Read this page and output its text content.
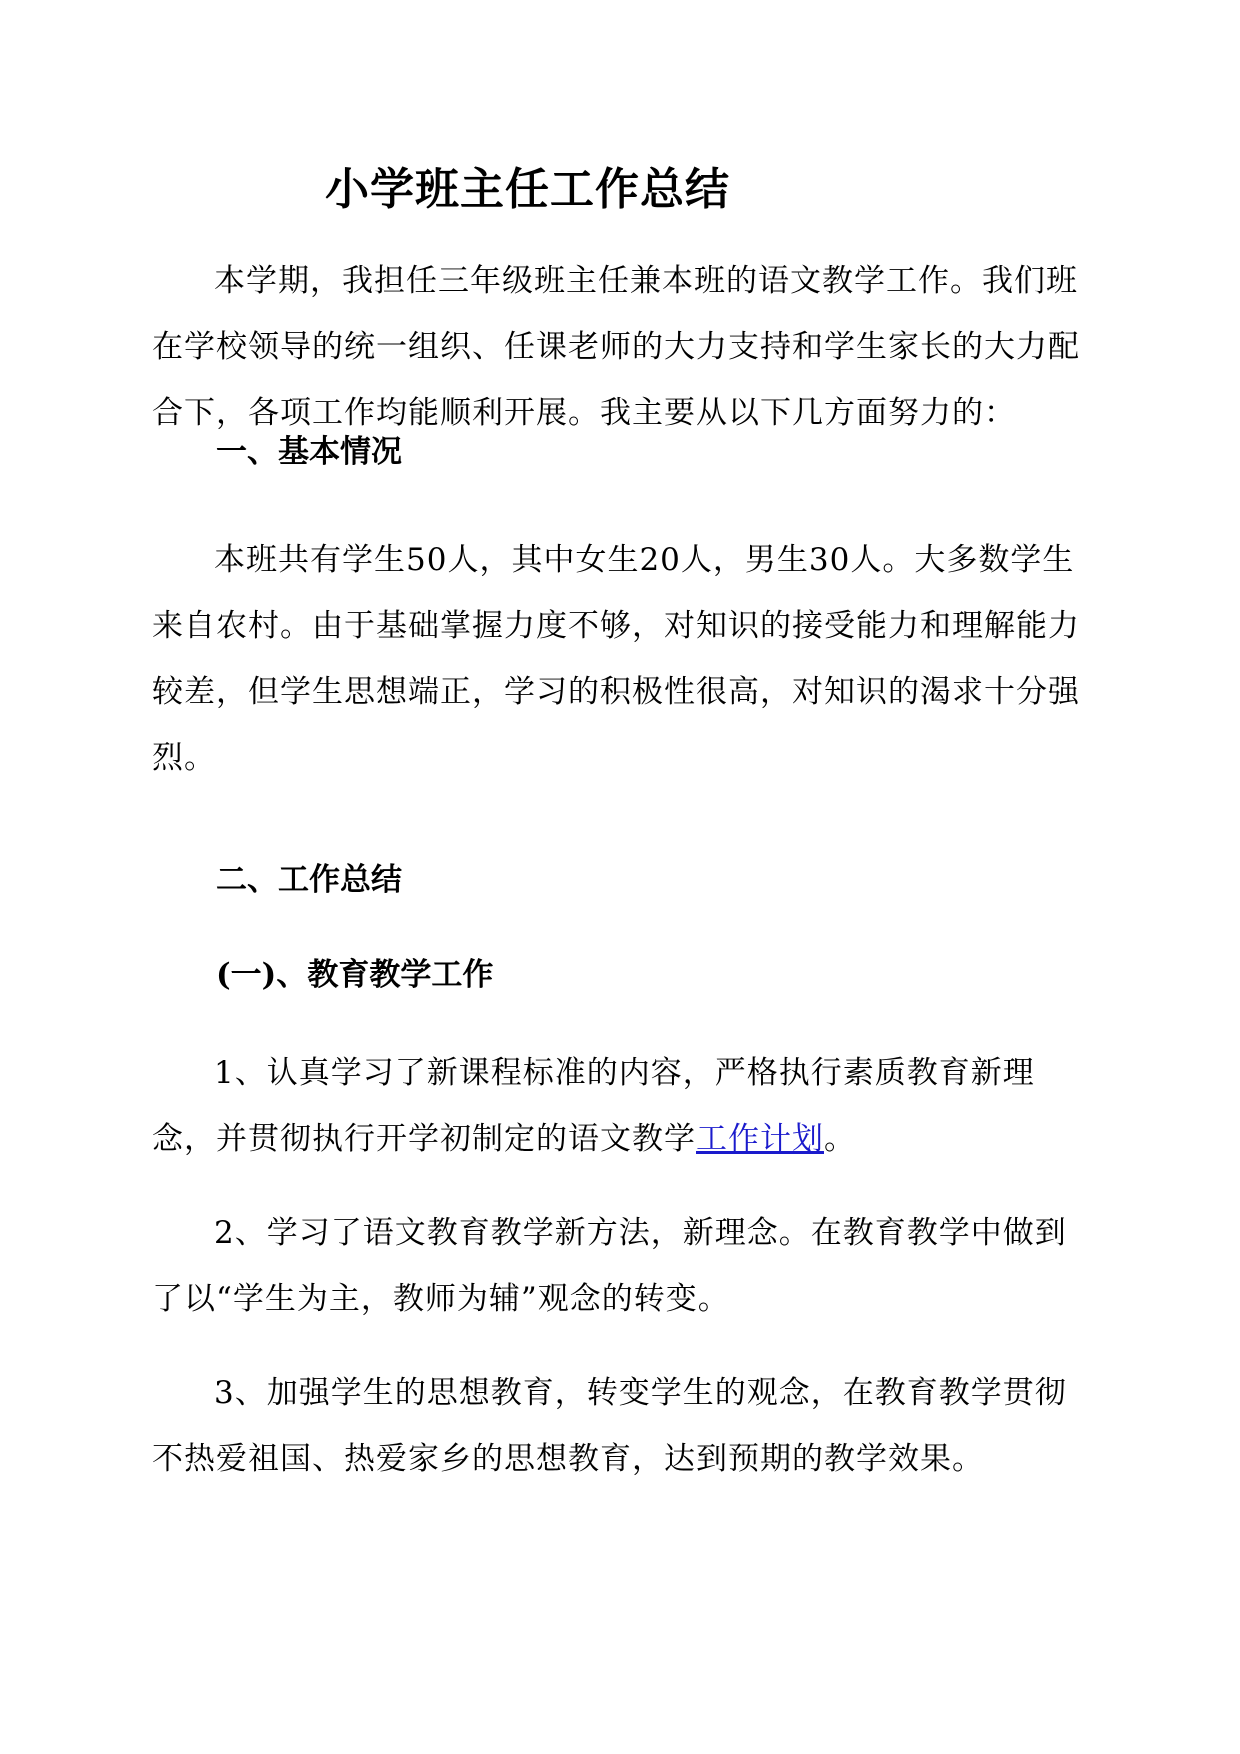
小学班主任工作总结

本学期，我担任三年级班主任兼本班的语文教学工作。我们班在学校领导的统一组织、任课老师的大力支持和学生家长的大力配合下，各项工作均能顺利开展。我主要从以下几方面努力的：

一、基本情况

本班共有学生50人，其中女生20人，男生30人。大多数学生来自农村。由于基础掌握力度不够，对知识的接受能力和理解能力较差，但学生思想端正，学习的积极性很高，对知识的渴求十分强烈。

二、工作总结
(一)、教育教学工作

1、认真学习了新课程标准的内容，严格执行素质教育新理念，并贯彻执行开学初制定的语文教学工作计划。

2、学习了语文教育教学新方法，新理念。在教育教学中做到了以“学生为主，教师为辅”观念的转变。

3、加强学生的思想教育，转变学生的观念，在教育教学贯彻不热爱祖国、热爱家乡的思想教育，达到预期的教学效果。
